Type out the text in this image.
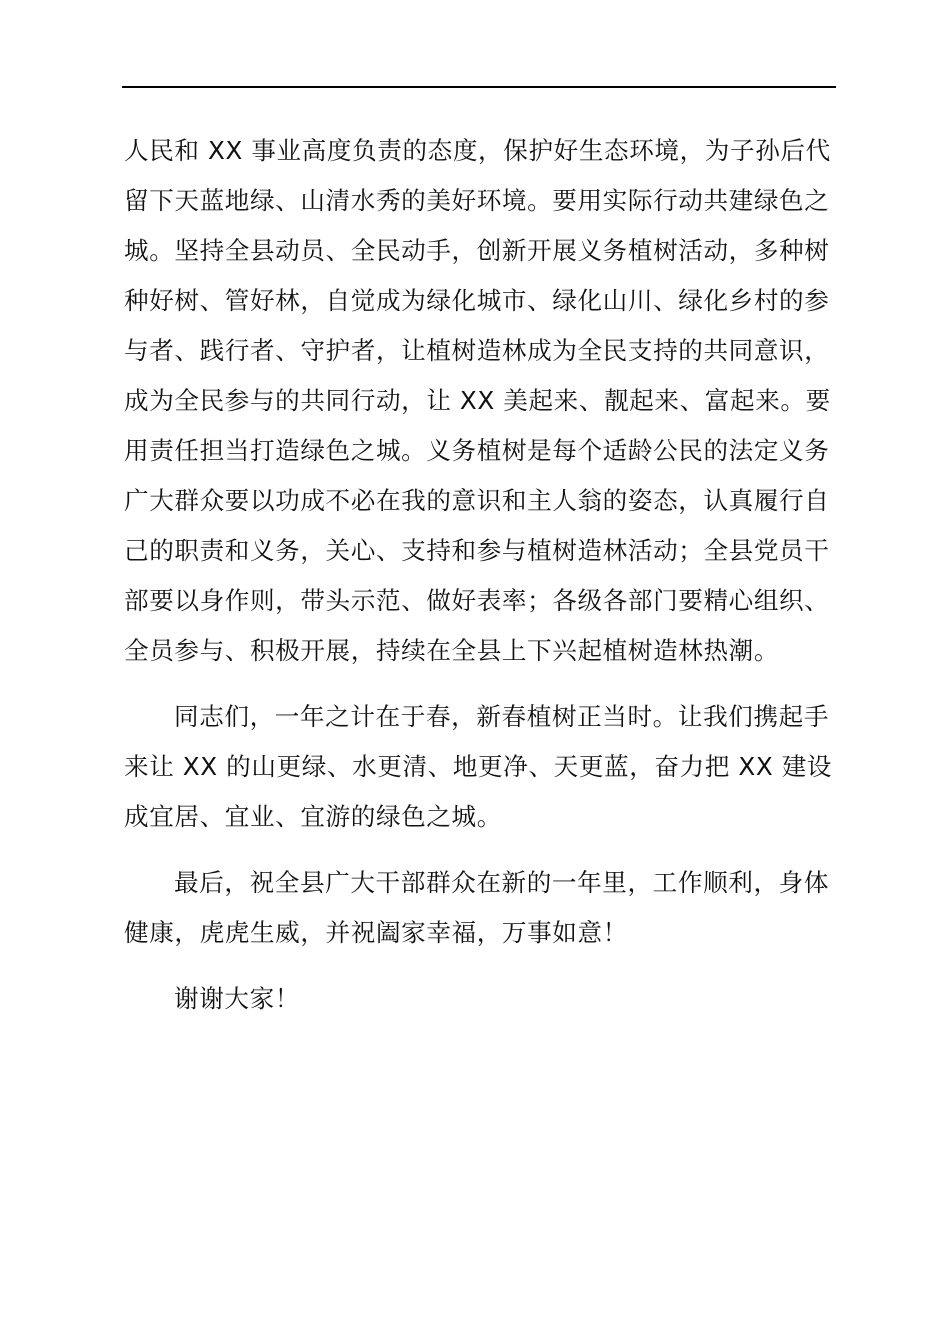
人民和 XX 事业高度负责的态度，保护好生态环境，为子孙后代
留下天蓝地绿、山清水秀的美好环境。要用实际行动共建绿色之
城。坚持全县动员、全民动手，创新开展义务植树活动，多种树
种好树、管好林，自觉成为绿化城市、绿化山川、绿化乡村的参
与者、践行者、守护者，让植树造林成为全民支持的共同意识，
成为全民参与的共同行动，让 XX 美起来、靓起来、富起来。要
用责任担当打造绿色之城。义务植树是每个适龄公民的法定义务
广大群众要以功成不必在我的意识和主人翁的姿态，认真履行自
己的职责和义务，关心、支持和参与植树造林活动；全县党员干
部要以身作则，带头示范、做好表率；各级各部门要精心组织、
全员参与、积极开展，持续在全县上下兴起植树造林热潮。
同志们，一年之计在于春，新春植树正当时。让我们携起手
来让 XX 的山更绿、水更清、地更净、天更蓝，奋力把 XX 建设
成宜居、宜业、宜游的绿色之城。
最后，祝全县广大干部群众在新的一年里，工作顺利，身体
健康，虎虎生威，并祝阖家幸福，万事如意！
谢谢大家！
